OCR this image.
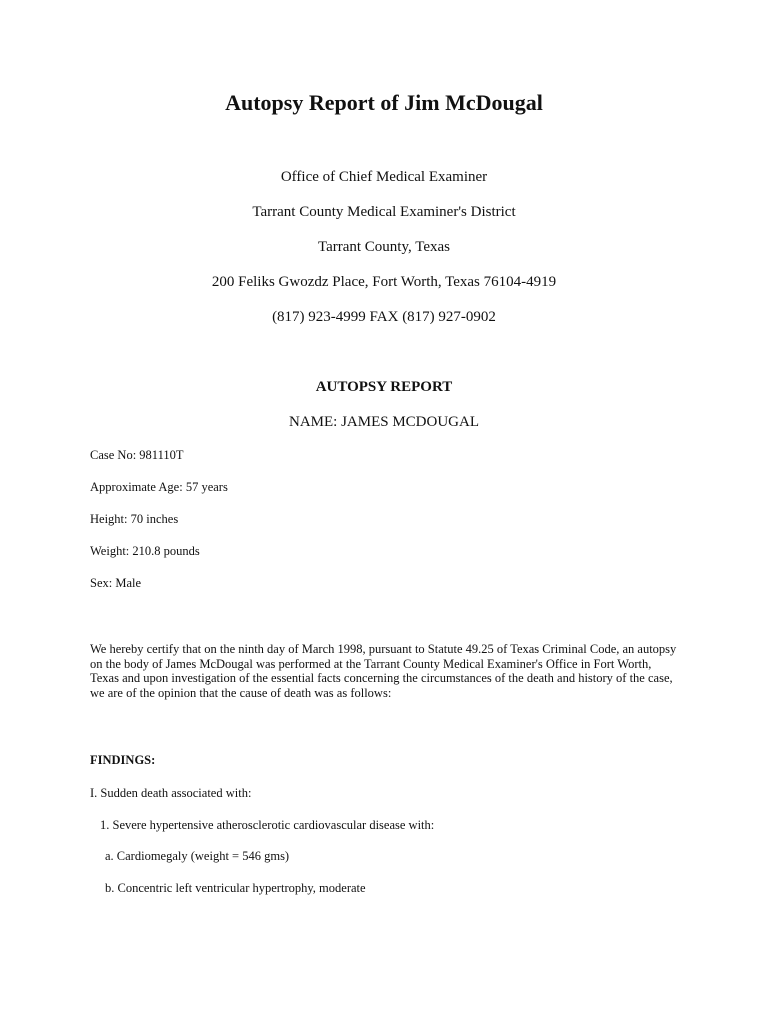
Autopsy Report of Jim McDougal
Office of Chief Medical Examiner
Tarrant County Medical Examiner's District
Tarrant County, Texas
200 Feliks Gwozdz Place, Fort Worth, Texas 76104-4919
(817) 923-4999 FAX (817) 927-0902
AUTOPSY REPORT
NAME: JAMES MCDOUGAL
Case No: 981110T
Approximate Age: 57 years
Height: 70 inches
Weight: 210.8 pounds
Sex: Male

We hereby certify that on the ninth day of March 1998, pursuant to Statute 49.25 of Texas Criminal Code, an autopsy on the body of James McDougal was performed at the Tarrant County Medical Examiner's Office in Fort Worth, Texas and upon investigation of the essential facts concerning the circumstances of the death and history of the case, we are of the opinion that the cause of death was as follows:

FINDINGS:
I. Sudden death associated with:
1. Severe hypertensive atherosclerotic cardiovascular disease with:
a. Cardiomegaly (weight = 546 gms)
b. Concentric left ventricular hypertrophy, moderate
